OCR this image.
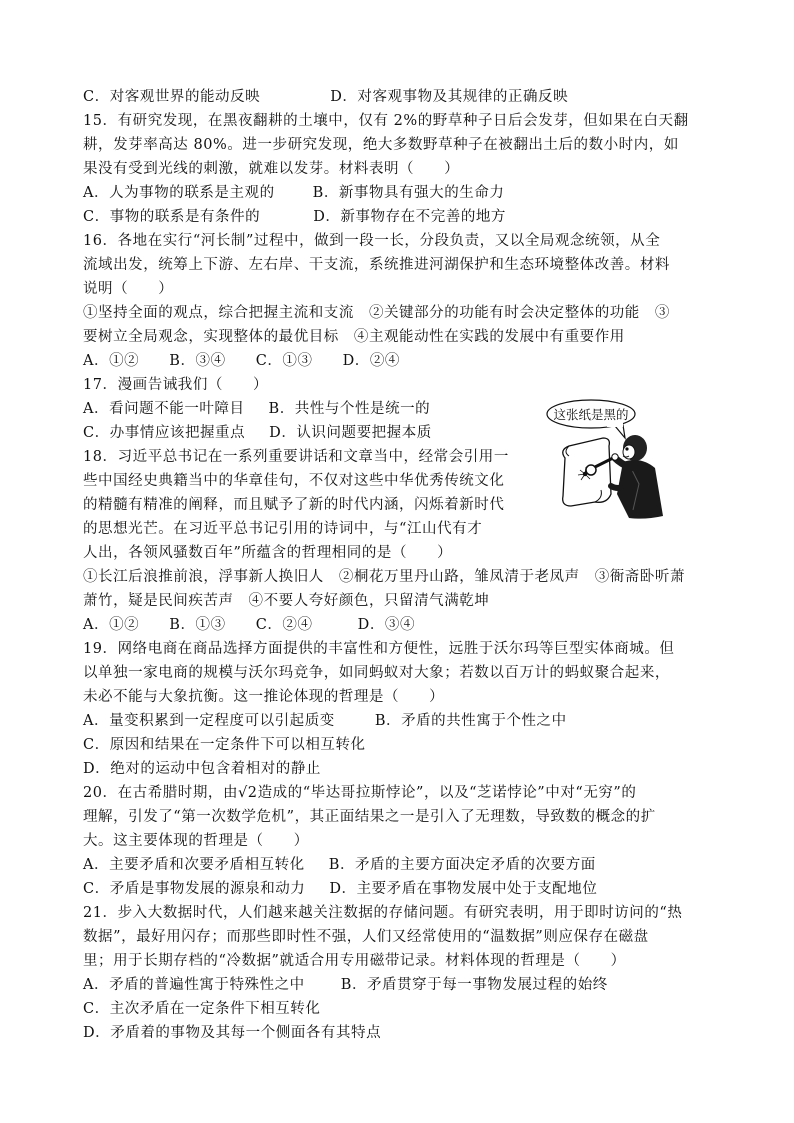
C．对客观世界的能动反映	D．对客观事物及其规律的正确反映
15．有研究发现，在黑夜翻耕的土壤中，仅有 2%的野草种子日后会发芽，但如果在白天翻
耕，发芽率高达 80%。进一步研究发现，绝大多数野草种子在被翻出土后的数小时内，如
果没有受到光线的刺激，就难以发芽。材料表明（　　）
A．人为事物的联系是主观的	B．新事物具有强大的生命力
C．事物的联系是有条件的	D．新事物存在不完善的地方
16．各地在实行“河长制”过程中，做到一段一长，分段负责，又以全局观念统领，从全
流域出发，统筹上下游、左右岸、干支流，系统推进河湖保护和生态环境整体改善。材料
说明（　　）
①坚持全面的观点，综合把握主流和支流　②关键部分的功能有时会决定整体的功能　③
要树立全局观念，实现整体的最优目标　④主观能动性在实践的发展中有重要作用
A．①②　　B．③④　　C．①③　　D．②④
17．漫画告诫我们（　　）
A．看问题不能一叶障目 B．共性与个性是统一的
C．办事情应该把握重点 D．认识问题要把握本质
18．习近平总书记在一系列重要讲话和文章当中，经常会引用一
些中国经史典籍当中的华章佳句，不仅对这些中华优秀传统文化
的精髓有精准的阐释，而且赋予了新的时代内涵，闪烁着新时代
的思想光芒。在习近平总书记引用的诗词中，与“江山代有才
人出，各领风骚数百年”所蕴含的哲理相同的是（　　）
①长江后浪推前浪，浮事新人换旧人　②桐花万里丹山路，雏凤清于老凤声　③衙斋卧听萧
萧竹，疑是民间疾苦声　④不要人夸好颜色，只留清气满乾坤
A．①②　　B．①③　　C．②④　　　D．③④
19．网络电商在商品选择方面提供的丰富性和方便性，远胜于沃尔玛等巨型实体商城。但
以单独一家电商的规模与沃尔玛竞争，如同蚂蚁对大象；若数以百万计的蚂蚁聚合起来，
未必不能与大象抗衡。这一推论体现的哲理是（　　）
A．量变积累到一定程度可以引起质变	B．矛盾的共性寓于个性之中
C．原因和结果在一定条件下可以相互转化
D．绝对的运动中包含着相对的静止
20．在古希腊时期，由√2造成的“毕达哥拉斯悖论”，以及“芝诺悖论”中对“无穷”的
理解，引发了“第一次数学危机”，其正面结果之一是引入了无理数，导致数的概念的扩
大。这主要体现的哲理是（　　）
A．主要矛盾和次要矛盾相互转化 B．矛盾的主要方面决定矛盾的次要方面
C．矛盾是事物发展的源泉和动力 D．主要矛盾在事物发展中处于支配地位
21．步入大数据时代，人们越来越关注数据的存储问题。有研究表明，用于即时访问的“热
数据”，最好用闪存；而那些即时性不强，人们又经常使用的“温数据”则应保存在磁盘
里；用于长期存档的“冷数据”就适合用专用磁带记录。材料体现的哲理是（　　）
A．矛盾的普遍性寓于特殊性之中 B．矛盾贯穿于每一事物发展过程的始终
C．主次矛盾在一定条件下相互转化
D．矛盾着的事物及其每一个侧面各有其特点
这张纸是黑的
